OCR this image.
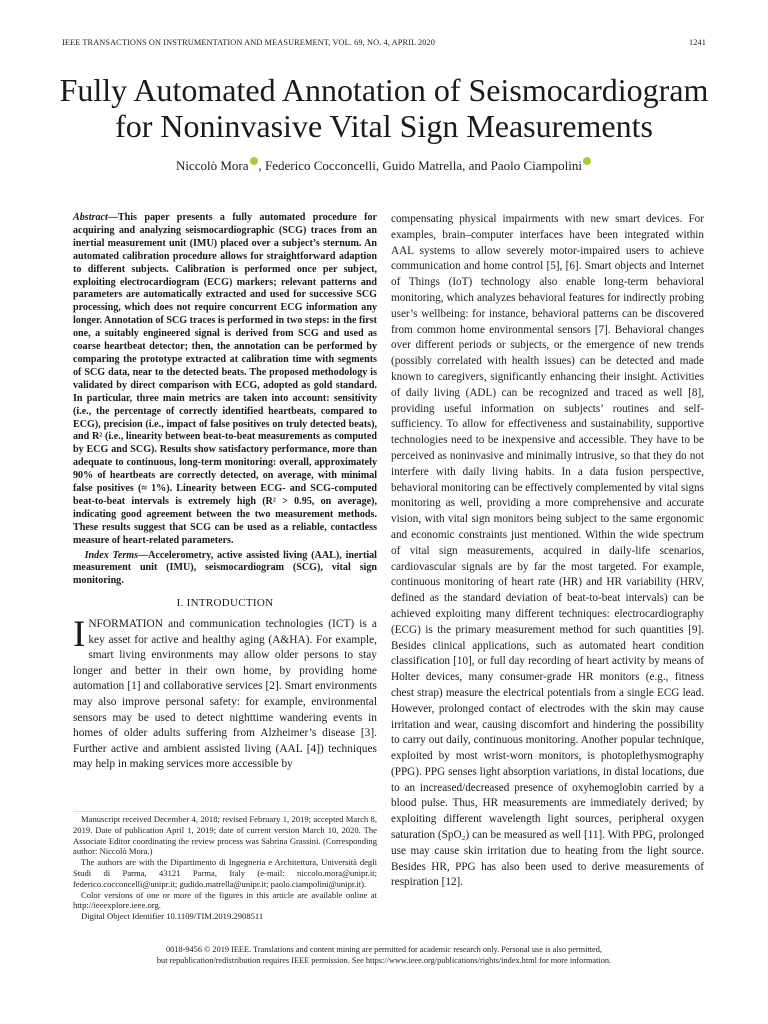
IEEE TRANSACTIONS ON INSTRUMENTATION AND MEASUREMENT, VOL. 69, NO. 4, APRIL 2020	1241
Fully Automated Annotation of Seismocardiogram
for Noninvasive Vital Sign Measurements
Niccolò Mora , Federico Cocconcelli, Guido Matrella, and Paolo Ciampolini
Abstract—This paper presents a fully automated procedure for acquiring and analyzing seismocardiographic (SCG) traces from an inertial measurement unit (IMU) placed over a subject’s sternum. An automated calibration procedure allows for straightforward adaption to different subjects. Calibration is performed once per subject, exploiting electrocardiogram (ECG) markers; relevant patterns and parameters are automatically extracted and used for successive SCG processing, which does not require concurrent ECG information any longer. Annotation of SCG traces is performed in two steps: in the first one, a suitably engineered signal is derived from SCG and used as coarse heartbeat detector; then, the annotation can be performed by comparing the prototype extracted at calibration time with segments of SCG data, near to the detected beats. The proposed methodology is validated by direct comparison with ECG, adopted as gold standard. In particular, three main metrics are taken into account: sensitivity (i.e., the percentage of correctly identified heartbeats, compared to ECG), precision (i.e., impact of false positives on truly detected beats), and R² (i.e., linearity between beat-to-beat measurements as computed by ECG and SCG). Results show satisfactory performance, more than adequate to continuous, long-term monitoring: overall, approximately 90% of heartbeats are correctly detected, on average, with minimal false positives (≈ 1%). Linearity between ECG- and SCG-computed beat-to-beat intervals is extremely high (R² > 0.95, on average), indicating good agreement between the two measurement methods. These results suggest that SCG can be used as a reliable, contactless measure of heart-related parameters.
Index Terms—Accelerometry, active assisted living (AAL), inertial measurement unit (IMU), seismocardiogram (SCG), vital sign monitoring.
I. INTRODUCTION
INFORMATION and communication technologies (ICT) is a key asset for active and healthy aging (A&HA). For example, smart living environments may allow older persons to stay longer and better in their own home, by providing home automation [1] and collaborative services [2]. Smart environments may also improve personal safety: for example, environmental sensors may be used to detect nighttime wandering events in homes of older adults suffering from Alzheimer’s disease [3]. Further active and ambient assisted living (AAL [4]) techniques may help in making services more accessible by

Manuscript received December 4, 2018; revised February 1, 2019; accepted March 8, 2019. Date of publication April 1, 2019; date of current version March 10, 2020. The Associate Editor coordinating the review process was Sabrina Grassini. (Corresponding author: Niccolò Mora.)

The authors are with the Dipartimento di Ingegneria e Architettura, Università degli Studi di Parma, 43121 Parma, Italy (e-mail: niccolo.mora@unipr.it; federico.cocconcelli@unipr.it; gudido.matrella@unipr.it; paolo.ciampolini@unipr.it).

Color versions of one or more of the figures in this article are available online at http://ieeexplore.ieee.org.

Digital Object Identifier 10.1109/TIM.2019.2908511

compensating physical impairments with new smart devices. For examples, brain–computer interfaces have been integrated within AAL systems to allow severely motor-impaired users to achieve communication and home control [5], [6]. Smart objects and Internet of Things (IoT) technology also enable long-term behavioral monitoring, which analyzes behavioral features for indirectly probing user’s wellbeing: for instance, behavioral patterns can be discovered from common home environmental sensors [7]. Behavioral changes over different periods or subjects, or the emergence of new trends (possibly correlated with health issues) can be detected and made known to caregivers, significantly enhancing their insight. Activities of daily living (ADL) can be recognized and traced as well [8], providing useful information on subjects’ routines and self-sufficiency. To allow for effectiveness and sustainability, supportive technologies need to be inexpensive and accessible. They have to be perceived as noninvasive and minimally intrusive, so that they do not interfere with daily living habits. In a data fusion perspective, behavioral monitoring can be effectively complemented by vital signs monitoring as well, providing a more comprehensive and accurate vision, with vital sign monitors being subject to the same ergonomic and economic constraints just mentioned. Within the wide spectrum of vital sign measurements, acquired in daily-life scenarios, cardiovascular signals are by far the most targeted. For example, continuous monitoring of heart rate (HR) and HR variability (HRV, defined as the standard deviation of beat-to-beat intervals) can be achieved exploiting many different techniques: electrocardiography (ECG) is the primary measurement method for such quantities [9]. Besides clinical applications, such as automated heart condition classification [10], or full day recording of heart activity by means of Holter devices, many consumer-grade HR monitors (e.g., fitness chest strap) measure the electrical potentials from a single ECG lead. However, prolonged contact of electrodes with the skin may cause irritation and wear, causing discomfort and hindering the possibility to carry out daily, continuous monitoring. Another popular technique, exploited by most wrist-worn monitors, is photoplethysmography (PPG). PPG senses light absorption variations, in distal locations, due to an increased/decreased presence of oxyhemoglobin carried by a blood pulse. Thus, HR measurements are immediately derived; by exploiting different wavelength light sources, peripheral oxygen saturation (SpO₂) can be measured as well [11]. With PPG, prolonged use may cause skin irritation due to heating from the light source. Besides HR, PPG has also been used to derive measurements of respiration [12].
0018-9456 © 2019 IEEE. Translations and content mining are permitted for academic research only. Personal use is also permitted,
but republication/redistribution requires IEEE permission. See https://www.ieee.org/publications/rights/index.html for more information.
